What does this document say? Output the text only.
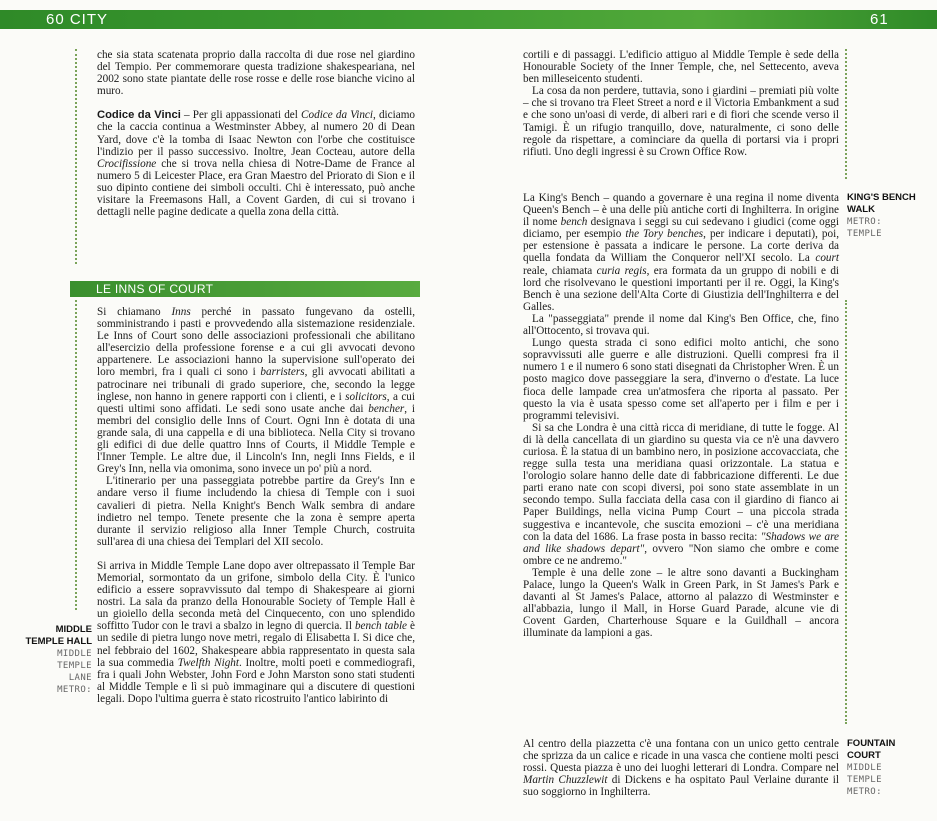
60 CITY	61
LE INNS OF COURT

che sia stata scatenata proprio dalla raccolta di due rose nel giardino del Tempio. Per commemorare questa tradizione shakespeariana, nel 2002 sono state piantate delle rose rosse e delle rose bianche vicino al muro.

Codice da Vinci – Per gli appassionati del Codice da Vinci, diciamo che la caccia continua a Westminster Abbey, al numero 20 di Dean Yard, dove c'è la tomba di Isaac Newton con l'orbe che costituisce l'indizio per il passo successivo. Inoltre, Jean Cocteau, autore della Crocifissione che si trova nella chiesa di Notre-Dame de France al numero 5 di Leicester Place, era Gran Maestro del Priorato di Sion e il suo dipinto contiene dei simboli occulti. Chi è interessato, può anche visitare la Freemasons Hall, a Covent Garden, di cui si trovano i dettagli nelle pagine dedicate a quella zona della città.

Si chiamano Inns perché in passato fungevano da ostelli, somministrando i pasti e provvedendo alla sistemazione residenziale. Le Inns of Court sono delle associazioni professionali che abilitano all'esercizio della professione forense e a cui gli avvocati devono appartenere. Le associazioni hanno la supervisione sull'operato dei loro membri, fra i quali ci sono i barristers, gli avvocati abilitati a patrocinare nei tribunali di grado superiore, che, secondo la legge inglese, non hanno in genere rapporti con i clienti, e i solicitors, a cui questi ultimi sono affidati. Le sedi sono usate anche dai bencher, i membri del consiglio delle Inns of Court. Ogni Inn è dotata di una grande sala, di una cappella e di una biblioteca. Nella City si trovano gli edifici di due delle quattro Inns of Courts, il Middle Temple e l'Inner Temple. Le altre due, il Lincoln's Inn, negli Inns Fields, e il Grey's Inn, nella via omonima, sono invece un po' più a nord.

L'itinerario per una passeggiata potrebbe partire da Grey's Inn e andare verso il fiume includendo la chiesa di Temple con i suoi cavalieri di pietra. Nella Knight's Bench Walk sembra di andare indietro nel tempo. Tenete presente che la zona è sempre aperta durante il servizio religioso alla Inner Temple Church, costruita sull'area di una chiesa dei Templari del XII secolo.

Si arriva in Middle Temple Lane dopo aver oltrepassato il Temple Bar Memorial, sormontato da un grifone, simbolo della City. È l'unico edificio a essere sopravvissuto dal tempo di Shakespeare ai giorni nostri. La sala da pranzo della Honourable Society of Temple Hall è un gioiello della seconda metà del Cinquecento, con uno splendido soffitto Tudor con le travi a sbalzo in legno di quercia. Il bench table è un sedile di pietra lungo nove metri, regalo di Elisabetta I. Si dice che, nel febbraio del 1602, Shakespeare abbia rappresentato in questa sala la sua commedia Twelfth Night. Inoltre, molti poeti e commediografi, fra i quali John Webster, John Ford e John Marston sono stati studenti al Middle Temple e lì si può immaginare qui a discutere di questioni legali. Dopo l'ultima guerra è stato ricostruito l'antico labirinto di

MIDDLE
TEMPLE HALL
MIDDLE
TEMPLE
LANE
METRO:

cortili e di passaggi. L'edificio attiguo al Middle Temple è sede della Honourable Society of the Inner Temple, che, nel Settecento, aveva ben milleseicento studenti.

La cosa da non perdere, tuttavia, sono i giardini – premiati più volte – che si trovano tra Fleet Street a nord e il Victoria Embankment a sud e che sono un'oasi di verde, di alberi rari e di fiori che scende verso il Tamigi. È un rifugio tranquillo, dove, naturalmente, ci sono delle regole da rispettare, a cominciare da quella di portarsi via i propri rifiuti. Uno degli ingressi è su Crown Office Row.

La King's Bench – quando a governare è una regina il nome diventa Queen's Bench – è una delle più antiche corti di Inghilterra. In origine il nome bench designava i seggi su cui sedevano i giudici (come oggi diciamo, per esempio the Tory benches, per indicare i deputati), poi, per estensione è passata a indicare le persone. La corte deriva da quella fondata da William the Conqueror nell'XI secolo. La court reale, chiamata curia regis, era formata da un gruppo di nobili e di lord che risolvevano le questioni importanti per il re. Oggi, la King's Bench è una sezione dell'Alta Corte di Giustizia dell'Inghilterra e del Galles.

La "passeggiata" prende il nome dal King's Ben Office, che, fino all'Ottocento, si trovava qui.

Lungo questa strada ci sono edifici molto antichi, che sono sopravvissuti alle guerre e alle distruzioni. Quelli compresi fra il numero 1 e il numero 6 sono stati disegnati da Christopher Wren. È un posto magico dove passeggiare la sera, d'inverno o d'estate. La luce fioca delle lampade crea un'atmosfera che riporta al passato. Per questo la via è usata spesso come set all'aperto per i film e per i programmi televisivi.

Si sa che Londra è una città ricca di meridiane, di tutte le fogge. Al di là della cancellata di un giardino su questa via ce n'è una davvero curiosa. È la statua di un bambino nero, in posizione accovacciata, che regge sulla testa una meridiana quasi orizzontale. La statua e l'orologio solare hanno delle date di fabbricazione differenti. Le due parti erano nate con scopi diversi, poi sono state assemblate in un secondo tempo. Sulla facciata della casa con il giardino di fianco ai Paper Buildings, nella vicina Pump Court – una piccola strada suggestiva e incantevole, che suscita emozioni – c'è una meridiana con la data del 1686. La frase posta in basso recita: "Shadows we are and like shadows depart", ovvero "Non siamo che ombre e come ombre ce ne andremo."

Temple è una delle zone – le altre sono davanti a Buckingham Palace, lungo la Queen's Walk in Green Park, in St James's Park e davanti al St James's Palace, attorno al palazzo di Westminster e all'abbazia, lungo il Mall, in Horse Guard Parade, alcune vie di Covent Garden, Charterhouse Square e la Guildhall – ancora illuminate da lampioni a gas.

Al centro della piazzetta c'è una fontana con un unico getto centrale che sprizza da un calice e ricade in una vasca che contiene molti pesci rossi. Questa piazza è uno dei luoghi letterari di Londra. Compare nel Martin Chuzzlewit di Dickens e ha ospitato Paul Verlaine durante il suo soggiorno in Inghilterra.

KING'S BENCH
WALK
METRO:
TEMPLE
FOUNTAIN
COURT
MIDDLE
TEMPLE
METRO:
